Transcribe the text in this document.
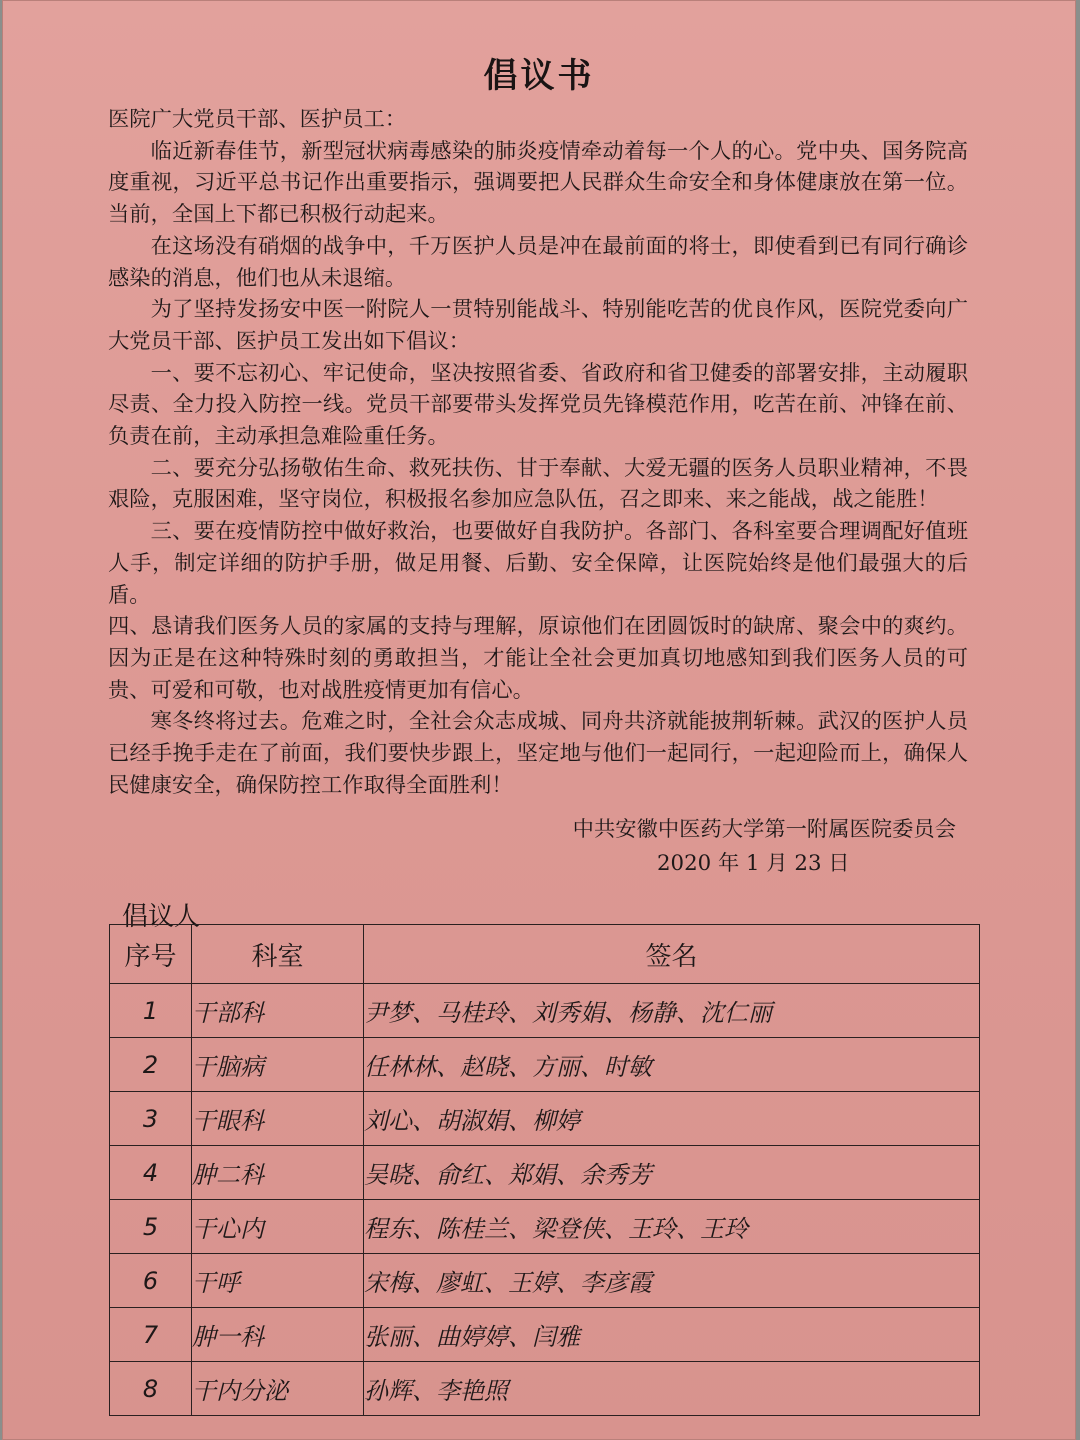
倡议书

医院广大党员干部、医护员工：

临近新春佳节，新型冠状病毒感染的肺炎疫情牵动着每一个人的心。党中央、国务院高度重视，习近平总书记作出重要指示，强调要把人民群众生命安全和身体健康放在第一位。当前，全国上下都已积极行动起来。

在这场没有硝烟的战争中，千万医护人员是冲在最前面的将士，即使看到已有同行确诊感染的消息，他们也从未退缩。

为了坚持发扬安中医一附院人一贯特别能战斗、特别能吃苦的优良作风，医院党委向广大党员干部、医护员工发出如下倡议：

一、要不忘初心、牢记使命，坚决按照省委、省政府和省卫健委的部署安排，主动履职尽责、全力投入防控一线。党员干部要带头发挥党员先锋模范作用，吃苦在前、冲锋在前、负责在前，主动承担急难险重任务。

二、要充分弘扬敬佑生命、救死扶伤、甘于奉献、大爱无疆的医务人员职业精神，不畏艰险，克服困难，坚守岗位，积极报名参加应急队伍，召之即来、来之能战，战之能胜！

三、要在疫情防控中做好救治，也要做好自我防护。各部门、各科室要合理调配好值班人手，制定详细的防护手册，做足用餐、后勤、安全保障，让医院始终是他们最强大的后盾。

四、恳请我们医务人员的家属的支持与理解，原谅他们在团圆饭时的缺席、聚会中的爽约。因为正是在这种特殊时刻的勇敢担当，才能让全社会更加真切地感知到我们医务人员的可贵、可爱和可敬，也对战胜疫情更加有信心。

寒冬终将过去。危难之时，全社会众志成城、同舟共济就能披荆斩棘。武汉的医护人员已经手挽手走在了前面，我们要快步跟上，坚定地与他们一起同行，一起迎险而上，确保人民健康安全，确保防控工作取得全面胜利！

中共安徽中医药大学第一附属医院委员会
2020 年 1 月 23 日
倡议人
序号	科室	签名
1	干部科	尹梦、马桂玲、刘秀娟、杨静、沈仁丽
2	干脑病	任林林、赵晓、方丽、时敏
3	干眼科	刘心、胡淑娟、柳婷
4	肿二科	吴晓、俞红、郑娟、余秀芳
5	干心内	程东、陈桂兰、梁登侠、王玲、王玲
6	干呼	宋梅、廖虹、王婷、李彦霞
7	肿一科	张丽、曲婷婷、闫雅
8	干内分泌	孙辉、李艳照
